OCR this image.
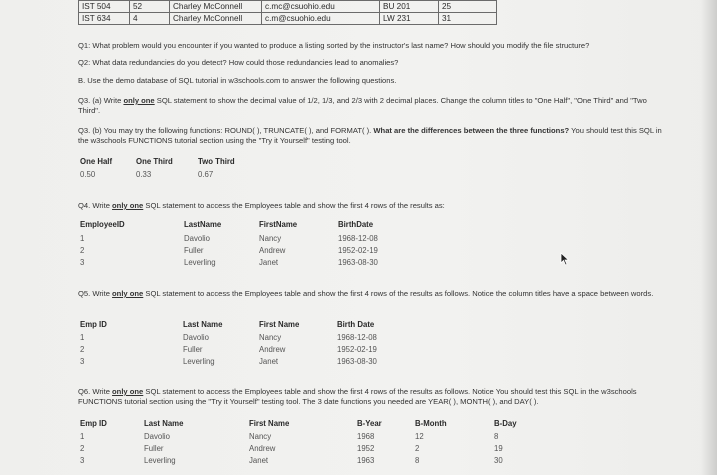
IST 504	52	Charley McConnell	c.mc@csuohio.edu	BU 201	25
IST 634	4	Charley McConnell	c.m@csuohio.edu	LW 231	31
Q1: What problem would you encounter if you wanted to produce a listing sorted by the instructor's last name? How should you modify the file structure?
Q2: What data redundancies do you detect? How could those redundancies lead to anomalies?
B. Use the demo database of SQL tutorial in w3schools.com to answer the following questions.
Q3. (a) Write only one SQL statement to show the decimal value of 1/2, 1/3, and 2/3 with 2 decimal places. Change the column titles to "One Half", "One Third" and "Two Third".
Q3. (b) You may try the following functions: ROUND( ), TRUNCATE( ), and FORMAT( ). What are the differences between the three functions? You should test this SQL in the w3schools FUNCTIONS tutorial section using the "Try it Yourself" testing tool.
One Half	One Third	Two Third
0.50	0.33	0.67
Q4. Write only one SQL statement to access the Employees table and show the first 4 rows of the results as:
EmployeeID	LastName	FirstName	BirthDate
1	Davolio	Nancy	1968-12-08
2	Fuller	Andrew	1952-02-19
3	Leverling	Janet	1963-08-30
Q5. Write only one SQL statement to access the Employees table and show the first 4 rows of the results as follows. Notice the column titles have a space between words.
Emp ID	Last Name	First Name	Birth Date
1	Davolio	Nancy	1968-12-08
2	Fuller	Andrew	1952-02-19
3	Leverling	Janet	1963-08-30
Q6. Write only one SQL statement to access the Employees table and show the first 4 rows of the results as follows. Notice You should test this SQL in the w3schools FUNCTIONS tutorial section using the "Try it Yourself" testing tool. The 3 date functions you needed are YEAR( ), MONTH( ), and DAY( ).
Emp ID	Last Name	First Name	B-Year	B-Month	B-Day
1	Davolio	Nancy	1968	12	8
2	Fuller	Andrew	1952	2	19
3	Leverling	Janet	1963	8	30
